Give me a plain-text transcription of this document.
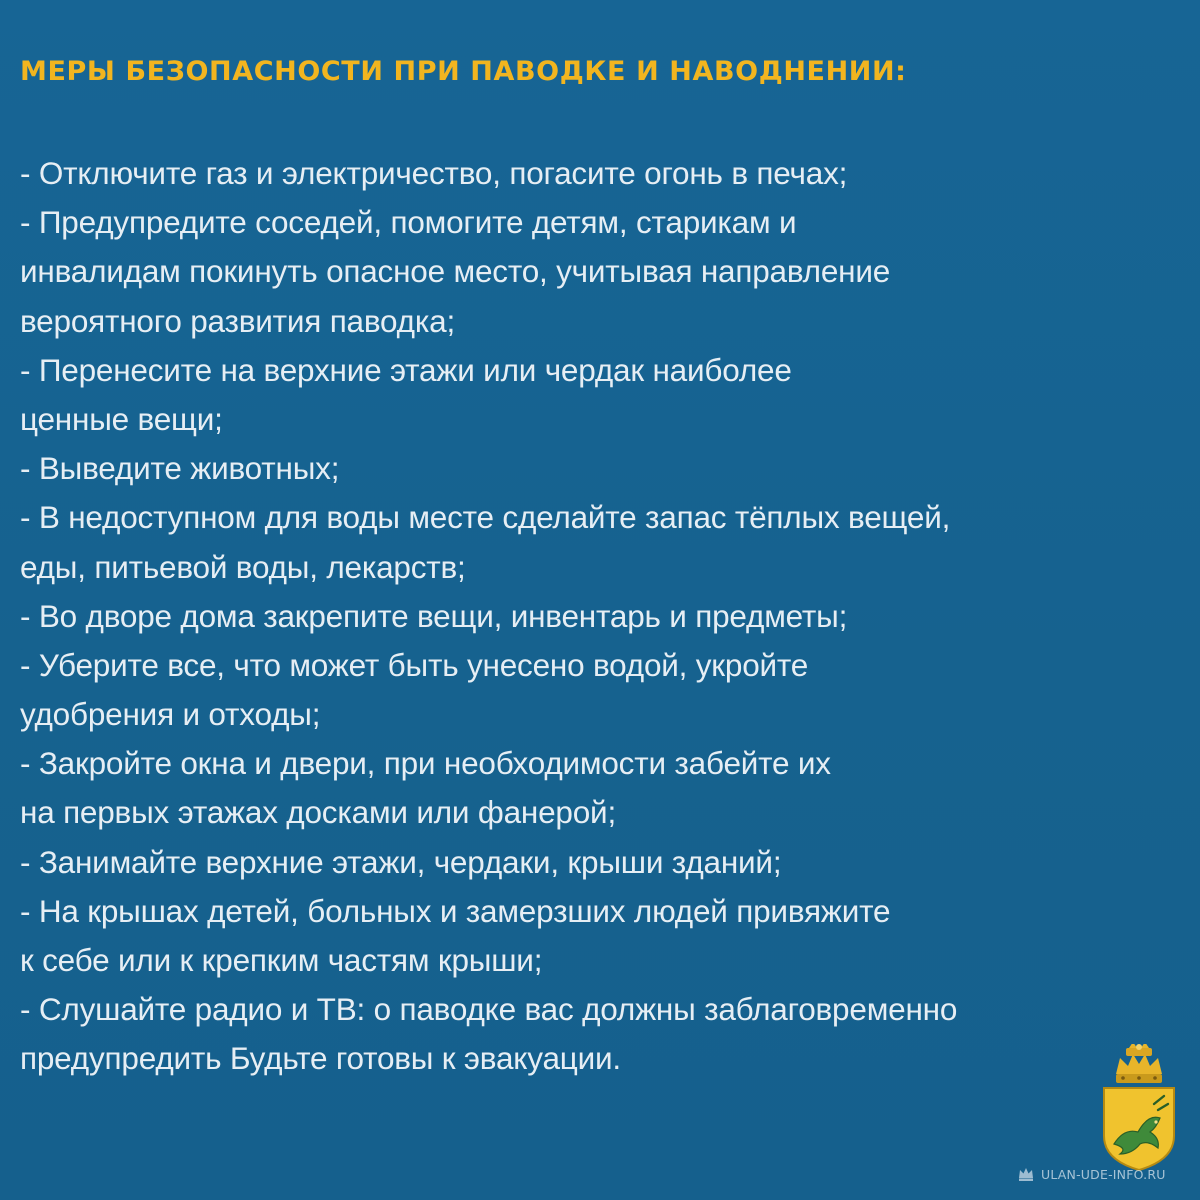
МЕРЫ БЕЗОПАСНОСТИ ПРИ ПАВОДКЕ И НАВОДНЕНИИ:
- Отключите газ и электричество, погасите огонь в печах;
- Предупредите соседей, помогите детям, старикам и
инвалидам покинуть опасное место, учитывая направление
вероятного развития паводка;
- Перенесите на верхние этажи или чердак наиболее
ценные вещи;
- Выведите животных;
- В недоступном для воды месте сделайте запас тёплых вещей,
еды, питьевой воды, лекарств;
- Во дворе дома закрепите вещи, инвентарь и предметы;
- Уберите все, что может быть унесено водой, укройте
удобрения и отходы;
- Закройте окна и двери, при необходимости забейте их
на первых этажах досками или фанерой;
- Занимайте верхние этажи, чердаки, крыши зданий;
- На крышах детей, больных и замерзших людей привяжите
к себе или к крепким частям крыши;
- Слушайте радио и ТВ: о паводке вас должны заблаговременно
предупредить Будьте готовы к эвакуации.
ULAN-UDE-INFO.RU
